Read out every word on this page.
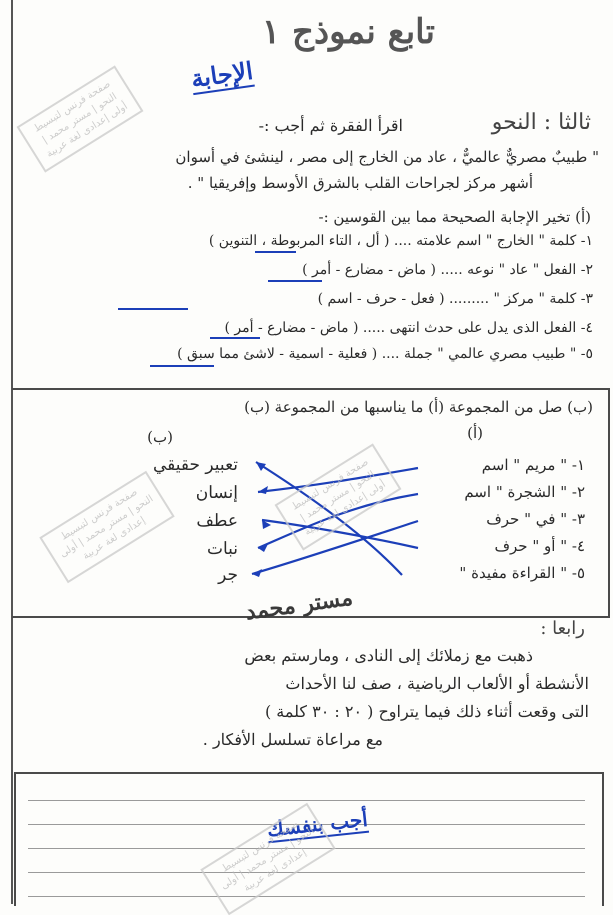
تابع نموذج ١
الإجابة
صفحة فرنس لتبسيط النحو | مستر محمد | أولى إعدادى لغة عربية	ثالثا : النحو
اقرأ الفقرة ثم أجب :-
" طبيبٌ مصريٌّ عالميٌّ ، عاد من الخارج إلى مصر ، لينشئ في أسوان
أشهر مركز لجراحات القلب بالشرق الأوسط وإفريقيا " .
(أ) تخير الإجابة الصحيحة مما بين القوسين :-
١- كلمة " الخارج " اسم علامته .... ( أل ، التاء المربوطة ، التنوين )
٢- الفعل " عاد " نوعه ..... ( ماض - مضارع - أمر )
٣- كلمة " مركز " ......... ( فعل - حرف - اسم )
٤- الفعل الذى يدل على حدث انتهى ..... ( ماض - مضارع - أمر )
٥- " طبيب مصري عالمي " جملة .... ( فعلية - اسمية - لاشئ مما سبق )
(ب) صل من المجموعة (أ) ما يناسبها من المجموعة (ب)
(ب)	(أ)
١- " مريم " اسم
٢- " الشجرة " اسم
٣- " في " حرف
٤- " أو " حرف
٥- " القراءة مفيدة "
تعبير حقيقي
إنسان
عطف
نبات
جر
صفحة فرنس لتبسيط النحو | مستر محمد | أولى إعدادى لغة عربية
صفحة فرنس لتبسيط النحو | مستر محمد | أولى إعدادى لغة عربية
مستر محمد
رابعا :
ذهبت مع زملائك إلى النادى ، ومارستم بعض
الأنشطة أو الألعاب الرياضية ، صف لنا الأحداث
التى وقعت أثناء ذلك فيما يتراوح ( ٢٠ : ٣٠ كلمة )
مع مراعاة تسلسل الأفكار .
أجب بنفسك
صفحة فرنس لتبسيط النحو | مستر محمد | أولى إعدادى لغة عربية
